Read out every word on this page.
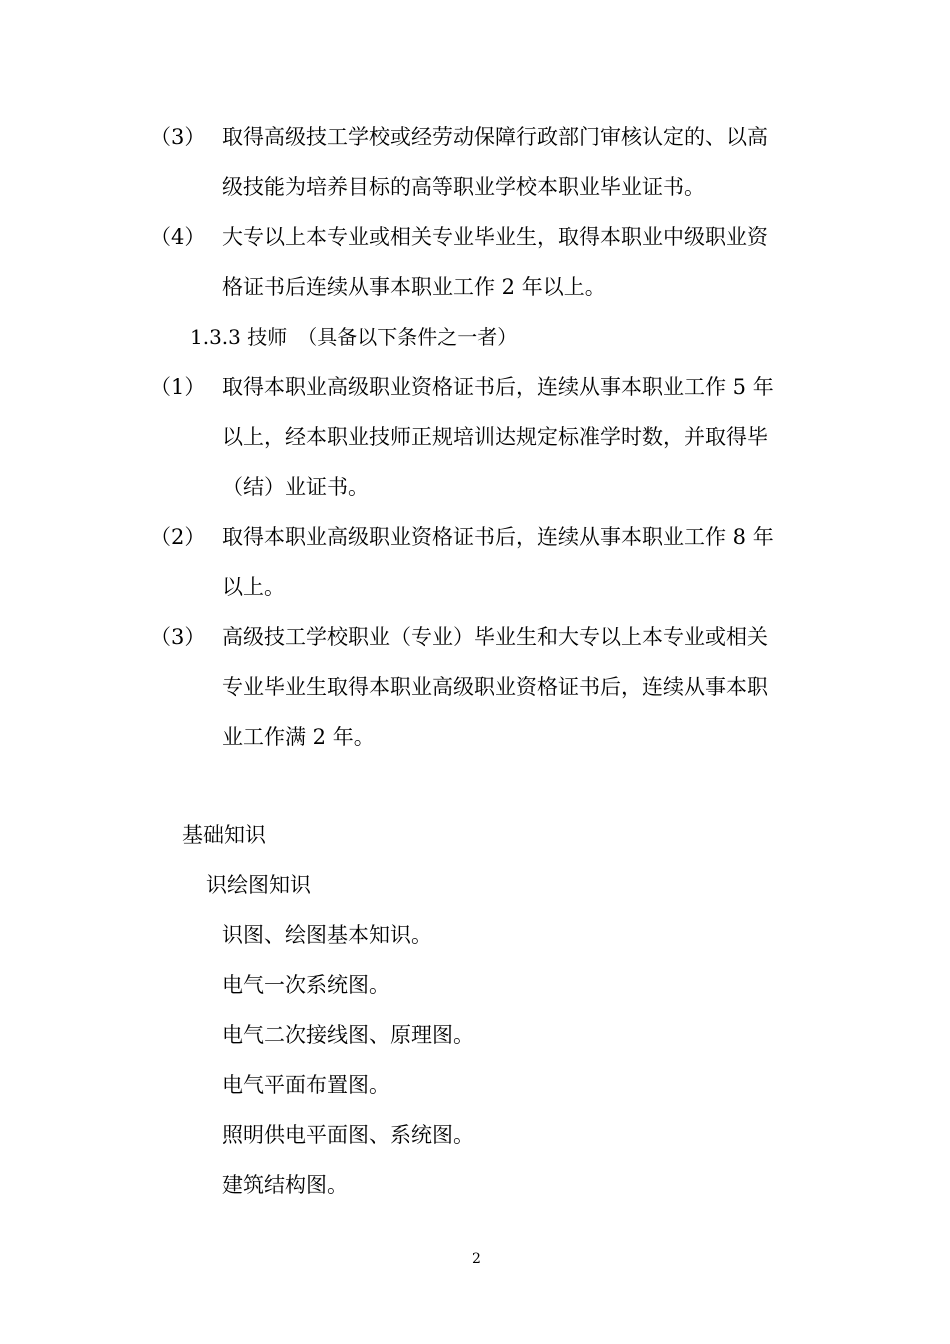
（3） 取得高级技工学校或经劳动保障行政部门审核认定的、以高
级技能为培养目标的高等职业学校本职业毕业证书。
（4） 大专以上本专业或相关专业毕业生，取得本职业中级职业资
格证书后连续从事本职业工作 2 年以上。
1.3.3 技师　（具备以下条件之一者）
（1） 取得本职业高级职业资格证书后，连续从事本职业工作 5 年
以上，经本职业技师正规培训达规定标准学时数，并取得毕
（结）业证书。
（2） 取得本职业高级职业资格证书后，连续从事本职业工作 8 年
以上。
（3） 高级技工学校职业（专业）毕业生和大专以上本专业或相关
专业毕业生取得本职业高级职业资格证书后，连续从事本职
业工作满 2 年。
基础知识
识绘图知识
识图、绘图基本知识。
电气一次系统图。
电气二次接线图、原理图。
电气平面布置图。
照明供电平面图、系统图。
建筑结构图。
2
